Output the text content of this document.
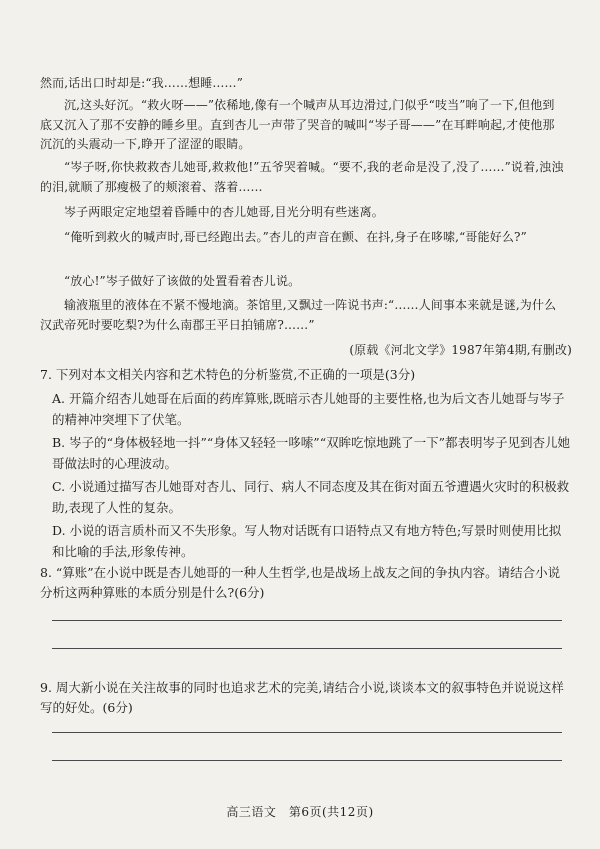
然而,话出口时却是:“我……想睡……”

沉,这头好沉。“救火呀——”依稀地,像有一个喊声从耳边滑过,门似乎“吱当”响了一下,但他到底又沉入了那不安静的睡乡里。直到杏儿一声带了哭音的喊叫“岑子哥——”在耳畔响起,才使他那沉沉的头震动一下,睁开了涩涩的眼睛。

“岑子呀,你快救救杏儿她哥,救救他!”五爷哭着喊。“要不,我的老命是没了,没了……”说着,浊浊的泪,就顺了那瘦极了的颊滚着、落着……

岑子两眼定定地望着昏睡中的杏儿她哥,目光分明有些迷离。

“俺听到救火的喊声时,哥已经跑出去。”杏儿的声音在颤、在抖,身子在哆嗦,“哥能好么?”

“放心!”岑子做好了该做的处置看着杏儿说。

输液瓶里的液体在不紧不慢地滴。茶馆里,又飘过一阵说书声:“……人间事本来就是谜,为什么汉武帝死时要吃梨?为什么南郡王平日拍铺席?……”

(原载《河北文学》1987年第4期,有删改)

7. 下列对本文相关内容和艺术特色的分析鉴赏,不正确的一项是(3分)

A. 开篇介绍杏儿她哥在后面的药库算账,既暗示杏儿她哥的主要性格,也为后文杏儿她哥与岑子的精神冲突埋下了伏笔。

B. 岑子的“身体极轻地一抖”“身体又轻轻一哆嗦”“双眸吃惊地跳了一下”都表明岑子见到杏儿她哥做法时的心理波动。

C. 小说通过描写杏儿她哥对杏儿、同行、病人不同态度及其在街对面五爷遭遇火灾时的积极救助,表现了人性的复杂。

D. 小说的语言质朴而又不失形象。写人物对话既有口语特点又有地方特色;写景时则使用比拟和比喻的手法,形象传神。

8. “算账”在小说中既是杏儿她哥的一种人生哲学,也是战场上战友之间的争执内容。请结合小说分析这两种算账的本质分别是什么?(6分)

9. 周大新小说在关注故事的同时也追求艺术的完美,请结合小说,谈谈本文的叙事特色并说说这样写的好处。(6分)

高三语文　第6页(共12页)
